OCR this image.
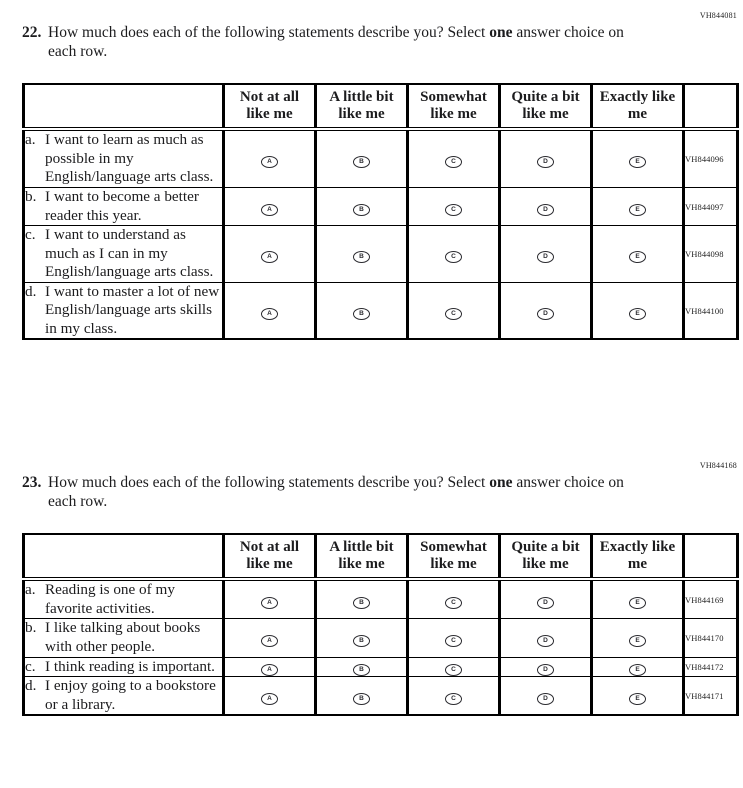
VH844081
22. How much does each of the following statements describe you? Select one answer choice on each row.
	Not at all like me	A little bit like me	Somewhat like me	Quite a bit like me	Exactly like me	

a. I want to learn as much as possible in my English/language arts class.	A	B	C	D	E	VH844096

b. I want to become a better reader this year.	A	B	C	D	E	VH844097

c. I want to understand as much as I can in my English/language arts class.	A	B	C	D	E	VH844098

d. I want to master a lot of new English/language arts skills in my class.	A	B	C	D	E	VH844100
VH844168
23. How much does each of the following statements describe you? Select one answer choice on each row.
	Not at all like me	A little bit like me	Somewhat like me	Quite a bit like me	Exactly like me	

a. Reading is one of my favorite activities.	A	B	C	D	E	VH844169

b. I like talking about books with other people.	A	B	C	D	E	VH844170

c. I think reading is important.	A	B	C	D	E	VH844172

d. I enjoy going to a bookstore or a library.	A	B	C	D	E	VH844171
